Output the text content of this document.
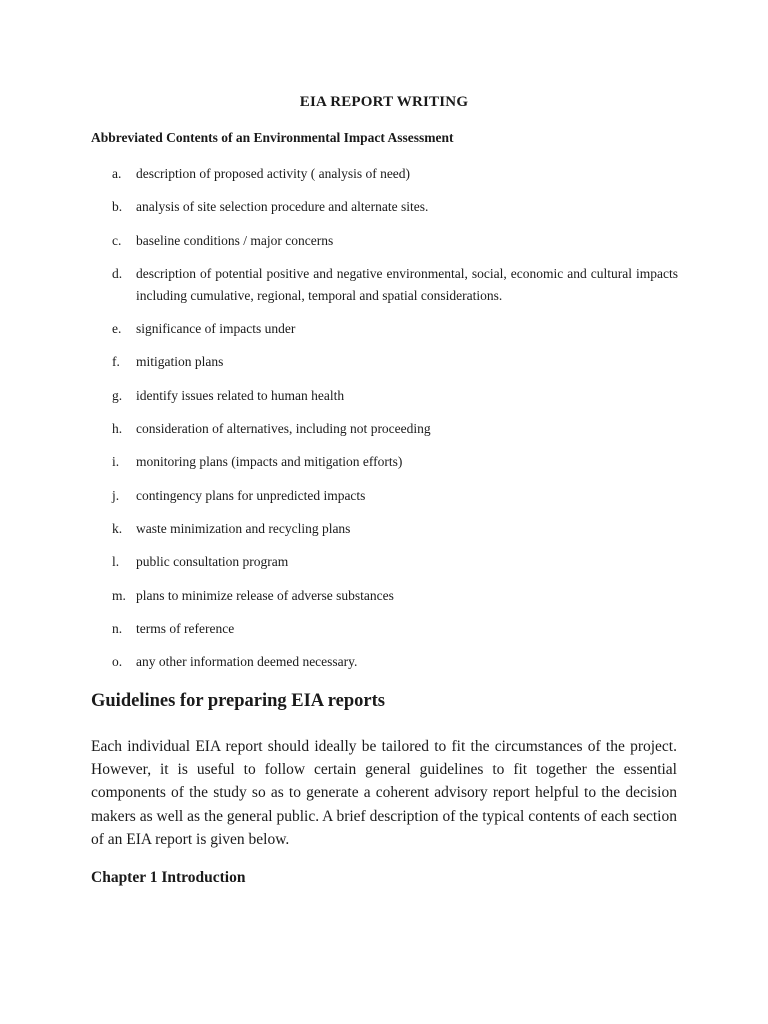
EIA REPORT WRITING
Abbreviated Contents of an Environmental Impact Assessment
a.	description of proposed activity ( analysis of need)
b.	analysis of site selection procedure and alternate sites.
c.	baseline conditions / major concerns
d.	description of potential positive and negative environmental, social, economic and cultural impacts including cumulative, regional, temporal and spatial considerations.
e.	significance of impacts under
f.	mitigation plans
g.	identify issues related to human health
h.	consideration of alternatives, including not proceeding
i.	monitoring plans (impacts and mitigation efforts)
j.	contingency plans for unpredicted impacts
k.	waste minimization and recycling plans
l.	public consultation program
m. plans to minimize release of adverse substances
n.	terms of reference
o.	any other information deemed necessary.
Guidelines for preparing EIA reports

Each individual EIA report should ideally be tailored to fit the circumstances of the project. However, it is useful to follow certain general guidelines to fit together the essential components of the study so as to generate a coherent advisory report helpful to the decision makers as well as the general public. A brief description of the typical contents of each section of an EIA report is given below.

Chapter 1 Introduction
